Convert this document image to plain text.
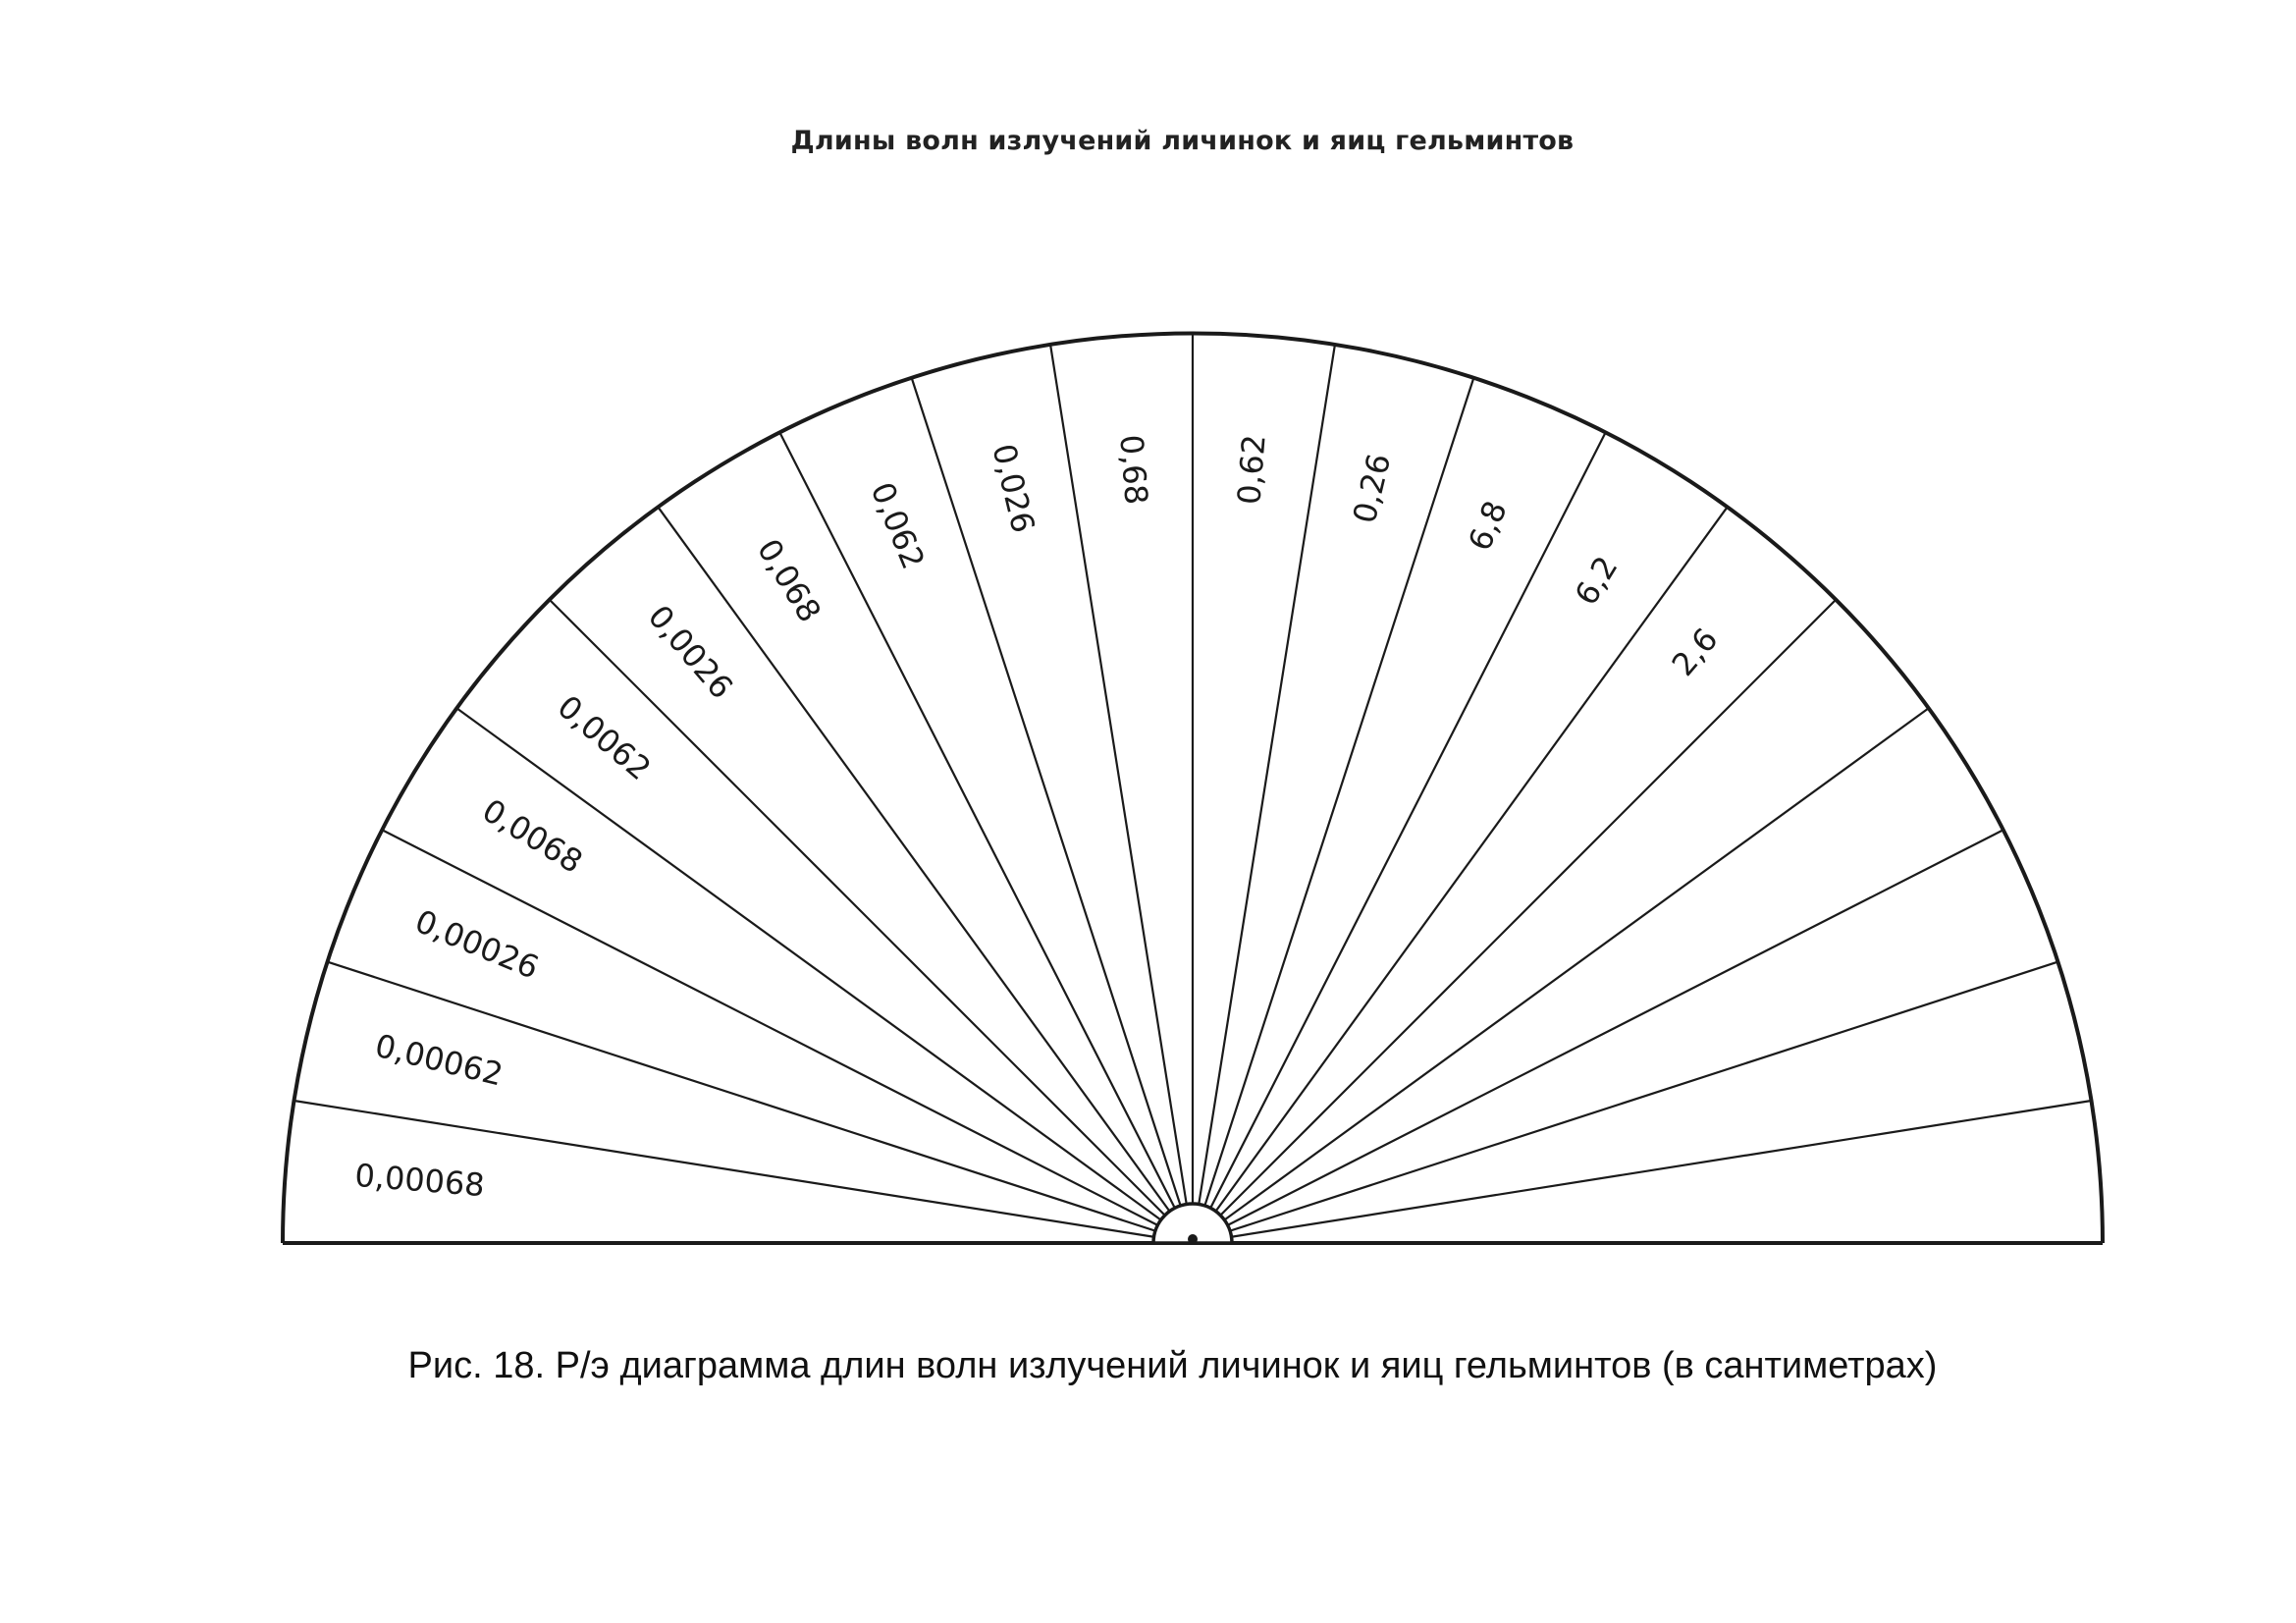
Длины волн излучений личинок и яиц гельминтов
0,00068
0,00062
0,00026
0,0068
0,0062
0,0026
0,068
0,062 0,026 0,68 0,62 0,26 6,8
6,2
2,6
Рис. 18. Р/э диаграмма длин волн излучений личинок и яиц гельминтов (в сантиметрах)
